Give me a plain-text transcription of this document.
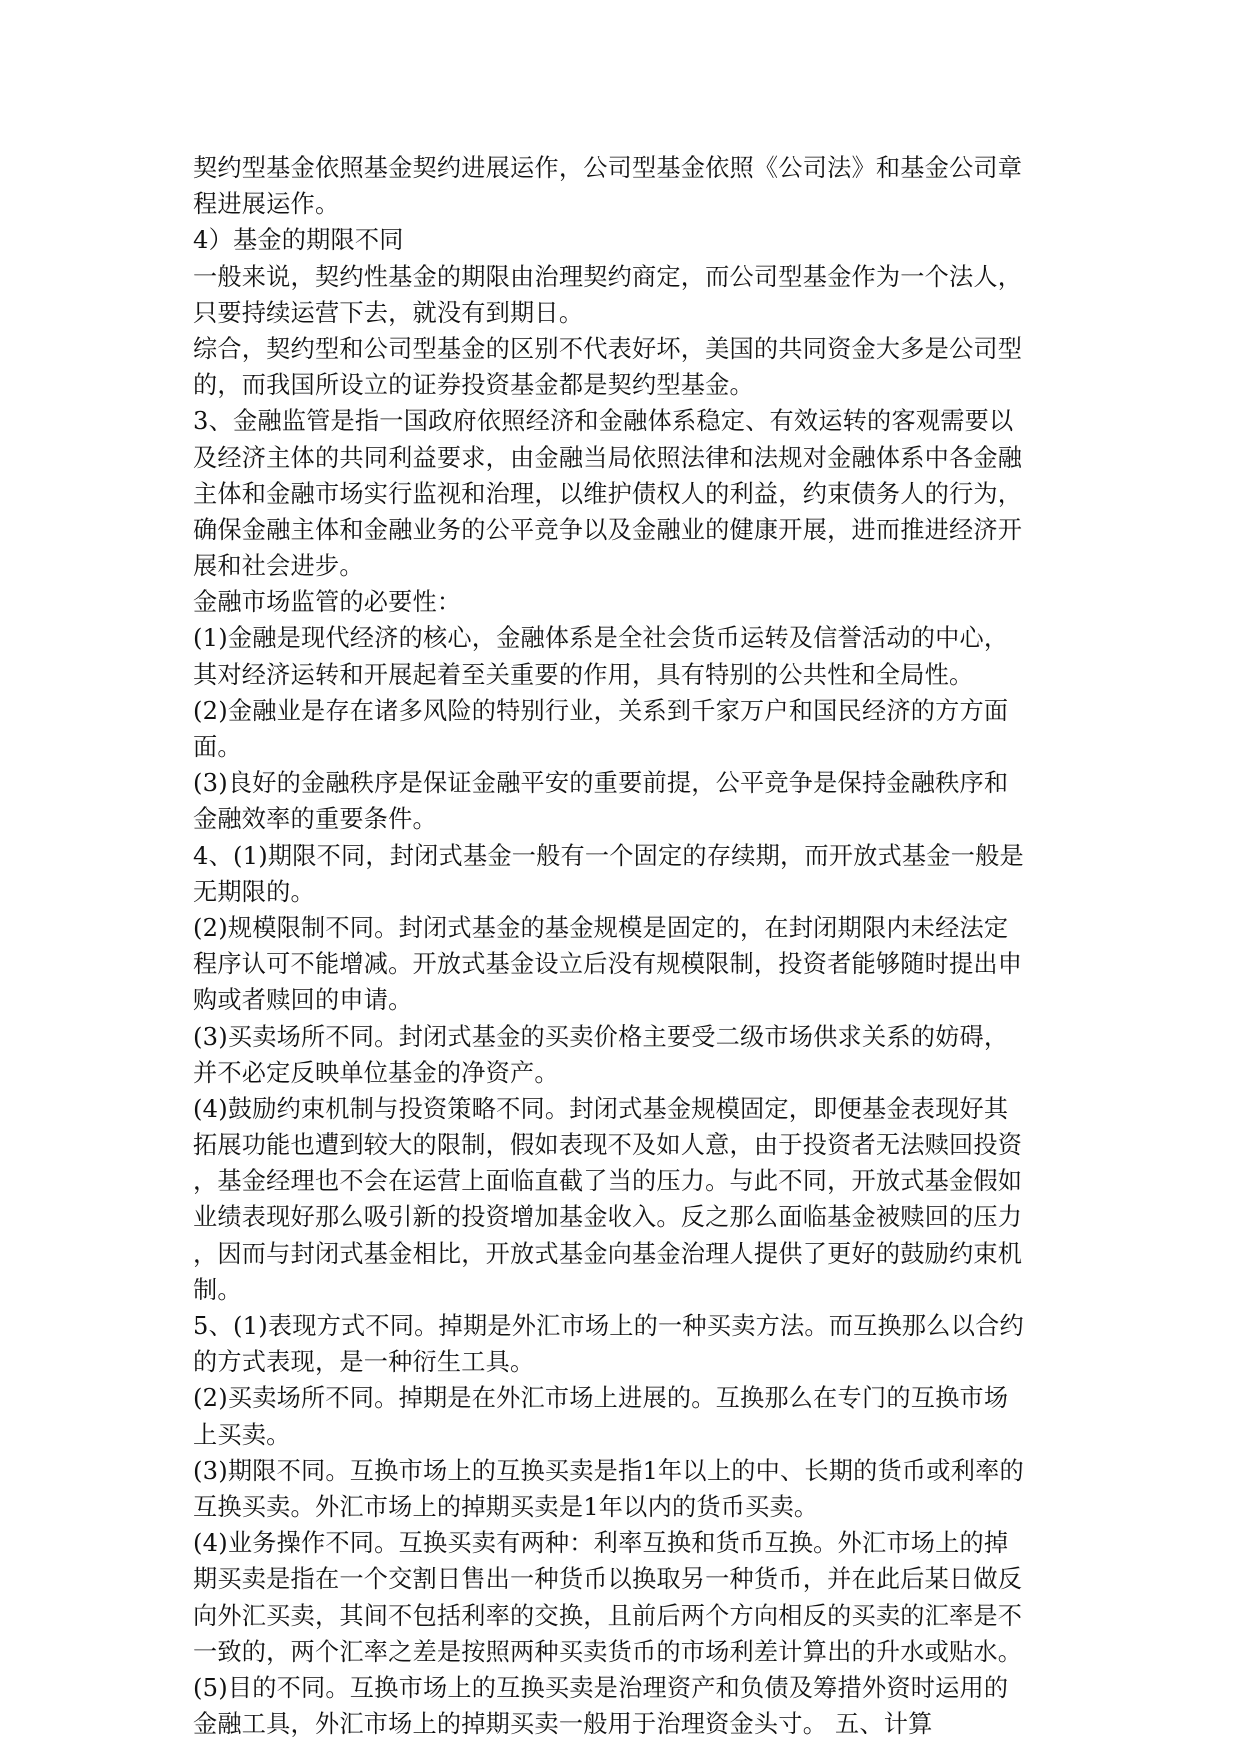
契约型基金依照基金契约进展运作，公司型基金依照《公司法》和基金公司章
程进展运作。
4）基金的期限不同
一般来说，契约性基金的期限由治理契约商定，而公司型基金作为一个法人，
只要持续运营下去，就没有到期日。
综合，契约型和公司型基金的区别不代表好坏，美国的共同资金大多是公司型
的，而我国所设立的证券投资基金都是契约型基金。
3、金融监管是指一国政府依照经济和金融体系稳定、有效运转的客观需要以
及经济主体的共同利益要求，由金融当局依照法律和法规对金融体系中各金融
主体和金融市场实行监视和治理，以维护债权人的利益，约束债务人的行为，
确保金融主体和金融业务的公平竞争以及金融业的健康开展，进而推进经济开
展和社会进步。
金融市场监管的必要性：
(1)金融是现代经济的核心，金融体系是全社会货币运转及信誉活动的中心，
其对经济运转和开展起着至关重要的作用，具有特别的公共性和全局性。
(2)金融业是存在诸多风险的特别行业，关系到千家万户和国民经济的方方面
面。
(3)良好的金融秩序是保证金融平安的重要前提，公平竞争是保持金融秩序和
金融效率的重要条件。
4、(1)期限不同，封闭式基金一般有一个固定的存续期，而开放式基金一般是
无期限的。
(2)规模限制不同。封闭式基金的基金规模是固定的，在封闭期限内未经法定
程序认可不能增减。开放式基金设立后没有规模限制，投资者能够随时提出申
购或者赎回的申请。
(3)买卖场所不同。封闭式基金的买卖价格主要受二级市场供求关系的妨碍，
并不必定反映单位基金的净资产。
(4)鼓励约束机制与投资策略不同。封闭式基金规模固定，即便基金表现好其
拓展功能也遭到较大的限制，假如表现不及如人意，由于投资者无法赎回投资
，基金经理也不会在运营上面临直截了当的压力。与此不同，开放式基金假如
业绩表现好那么吸引新的投资增加基金收入。反之那么面临基金被赎回的压力
，因而与封闭式基金相比，开放式基金向基金治理人提供了更好的鼓励约束机
制。
5、(1)表现方式不同。掉期是外汇市场上的一种买卖方法。而互换那么以合约
的方式表现，是一种衍生工具。
(2)买卖场所不同。掉期是在外汇市场上进展的。互换那么在专门的互换市场
上买卖。
(3)期限不同。互换市场上的互换买卖是指1年以上的中、长期的货币或利率的
互换买卖。外汇市场上的掉期买卖是1年以内的货币买卖。
(4)业务操作不同。互换买卖有两种：利率互换和货币互换。外汇市场上的掉
期买卖是指在一个交割日售出一种货币以换取另一种货币，并在此后某日做反
向外汇买卖，其间不包括利率的交换，且前后两个方向相反的买卖的汇率是不
一致的，两个汇率之差是按照两种买卖货币的市场利差计算出的升水或贴水。
(5)目的不同。互换市场上的互换买卖是治理资产和负债及筹措外资时运用的
金融工具，外汇市场上的掉期买卖一般用于治理资金头寸。 五、计算
